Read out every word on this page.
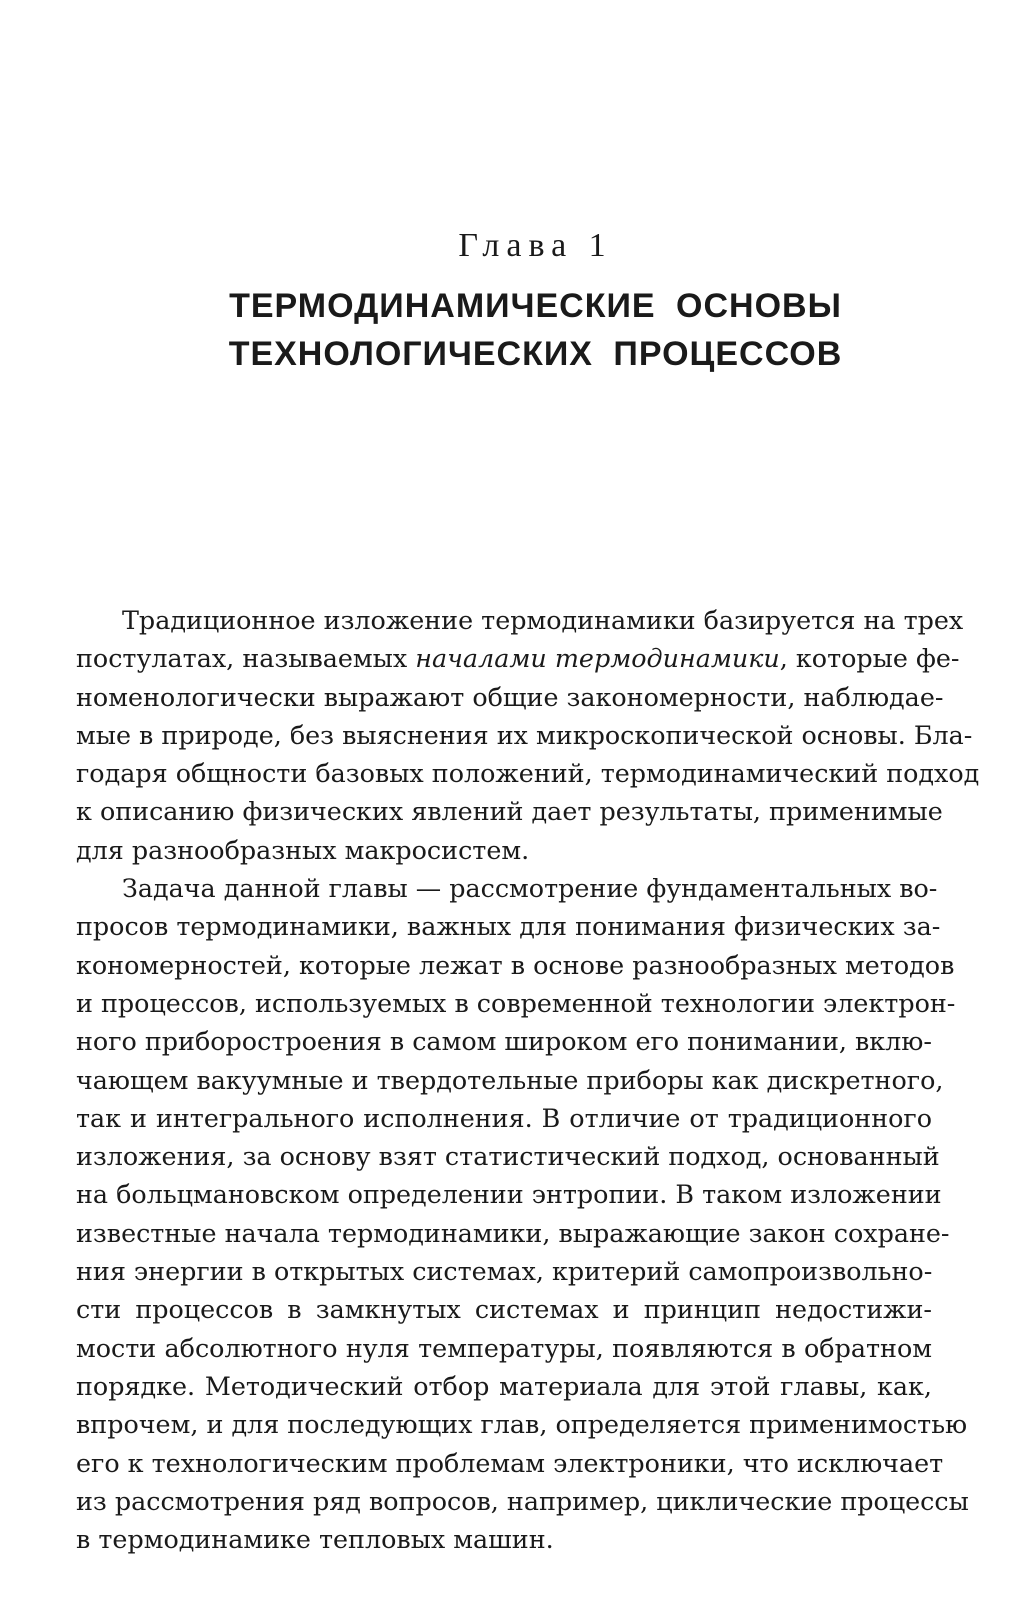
Глава 1
ТЕРМОДИНАМИЧЕСКИЕ ОСНОВЫ
ТЕХНОЛОГИЧЕСКИХ ПРОЦЕССОВ
Традиционное изложение термодинамики базируется на трех
постулатах, называемых началами термодинамики, которые фе-
номенологически выражают общие закономерности, наблюдае-
мые в природе, без выяснения их микроскопической основы. Бла-
годаря общности базовых положений, термодинамический подход
к описанию физических явлений дает результаты, применимые
для разнообразных макросистем.
Задача данной главы — рассмотрение фундаментальных во-
просов термодинамики, важных для понимания физических за-
кономерностей, которые лежат в основе разнообразных методов
и процессов, используемых в современной технологии электрон-
ного приборостроения в самом широком его понимании, вклю-
чающем вакуумные и твердотельные приборы как дискретного,
так и интегрального исполнения. В отличие от традиционного
изложения, за основу взят статистический подход, основанный
на больцмановском определении энтропии. В таком изложении
известные начала термодинамики, выражающие закон сохране-
ния энергии в открытых системах, критерий самопроизвольно-
сти процессов в замкнутых системах и принцип недостижи-
мости абсолютного нуля температуры, появляются в обратном
порядке. Методический отбор материала для этой главы, как,
впрочем, и для последующих глав, определяется применимостью
его к технологическим проблемам электроники, что исключает
из рассмотрения ряд вопросов, например, циклические процессы
в термодинамике тепловых машин.
